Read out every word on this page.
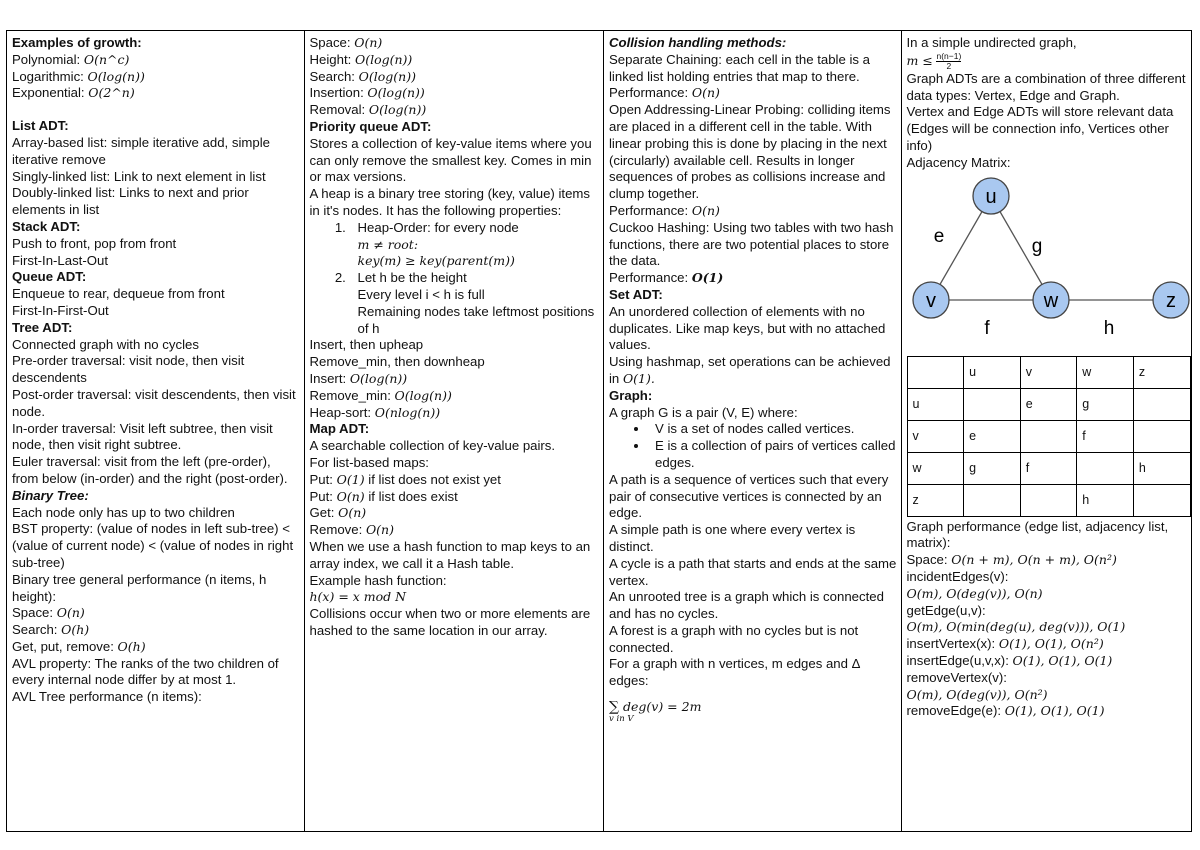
Examples of growth:
Polynomial: O(n^c)
Logarithmic: O(log(n))
Exponential: O(2^n)
List ADT:
Array-based list: simple iterative add, simple iterative remove
Singly-linked list: Link to next element in list
Doubly-linked list: Links to next and prior elements in list
Stack ADT:
Push to front, pop from front
First-In-Last-Out
Queue ADT:
Enqueue to rear, dequeue from front
First-In-First-Out
Tree ADT:
Connected graph with no cycles
Pre-order traversal: visit node, then visit descendents
Post-order traversal: visit descendents, then visit node.
In-order traversal: Visit left subtree, then visit node, then visit right subtree.
Euler traversal: visit from the left (pre-order), from below (in-order) and the right (post-order).
Binary Tree:
Each node only has up to two children
BST property: (value of nodes in left sub-tree) < (value of current node) < (value of nodes in right sub-tree)
Binary tree general performance (n items, h height):
Space: O(n)
Search: O(h)
Get, put, remove: O(h)
AVL property: The ranks of the two children of every internal node differ by at most 1.
AVL Tree performance (n items):
Space: O(n)
Height: O(log(n))
Search: O(log(n))
Insertion: O(log(n))
Removal: O(log(n))
Priority queue ADT:
Stores a collection of key-value items where you can only remove the smallest key. Comes in min or max versions.
A heap is a binary tree storing (key, value) items in it's nodes. It has the following properties:
1. Heap-Order: for every node
m ≠ root:
key(m) ≥ key(parent(m))
2. Let h be the height
Every level i < h is full
Remaining nodes take leftmost positions of h
Insert, then upheap
Remove_min, then downheap
Insert: O(log(n))
Remove_min: O(log(n))
Heap-sort: O(nlog(n))
Map ADT:
A searchable collection of key-value pairs.
For list-based maps:
Put: O(1) if list does not exist yet
Put: O(n) if list does exist
Get: O(n)
Remove: O(n)
When we use a hash function to map keys to an array index, we call it a Hash table.
Example hash function:
h(x) = x mod N
Collisions occur when two or more elements are hashed to the same location in our array.
Collision handling methods:
Separate Chaining: each cell in the table is a linked list holding entries that map to there. Performance: O(n)
Open Addressing-Linear Probing: colliding items are placed in a different cell in the table. With linear probing this is done by placing in the next (circularly) available cell. Results in longer sequences of probes as collisions increase and clump together.
Performance: O(n)
Cuckoo Hashing: Using two tables with two hash functions, there are two potential places to store the data.
Performance: O(1)
Set ADT:
An unordered collection of elements with no duplicates. Like map keys, but with no attached values.
Using hashmap, set operations can be achieved in O(1).
Graph:
A graph G is a pair (V, E) where:
• V is a set of nodes called vertices.
• E is a collection of pairs of vertices called edges.
A path is a sequence of vertices such that every pair of consecutive vertices is connected by an edge.
A simple path is one where every vertex is distinct.
A cycle is a path that starts and ends at the same vertex.
An unrooted tree is a graph which is connected and has no cycles.
A forest is a graph with no cycles but is not connected.
For a graph with n vertices, m edges and Δ edges:
∑ deg(v) = 2m
v in V
In a simple undirected graph,
$m \le \frac{n(n-1)}{2}$
Graph ADTs are a combination of three different data types: Vertex, Edge and Graph.
Vertex and Edge ADTs will store relevant data (Edges will be connection info, Vertices other info)
Adjacency Matrix:
u
v	w	z
e	g
f	h
	u	v	w	z
u		e	g	
v	e		f	
w	g	f		h
z			h	
Graph performance (edge list, adjacency list, matrix):
Space: O(n + m), O(n + m), O(n²)
incidentEdges(v):
O(m), O(deg(v)), O(n)
getEdge(u,v):
O(m), O(min(deg(u), deg(v))), O(1)
insertVertex(x): O(1), O(1), O(n²)
insertEdge(u,v,x): O(1), O(1), O(1)
removeVertex(v):
O(m), O(deg(v)), O(n²)
removeEdge(e): O(1), O(1), O(1)
